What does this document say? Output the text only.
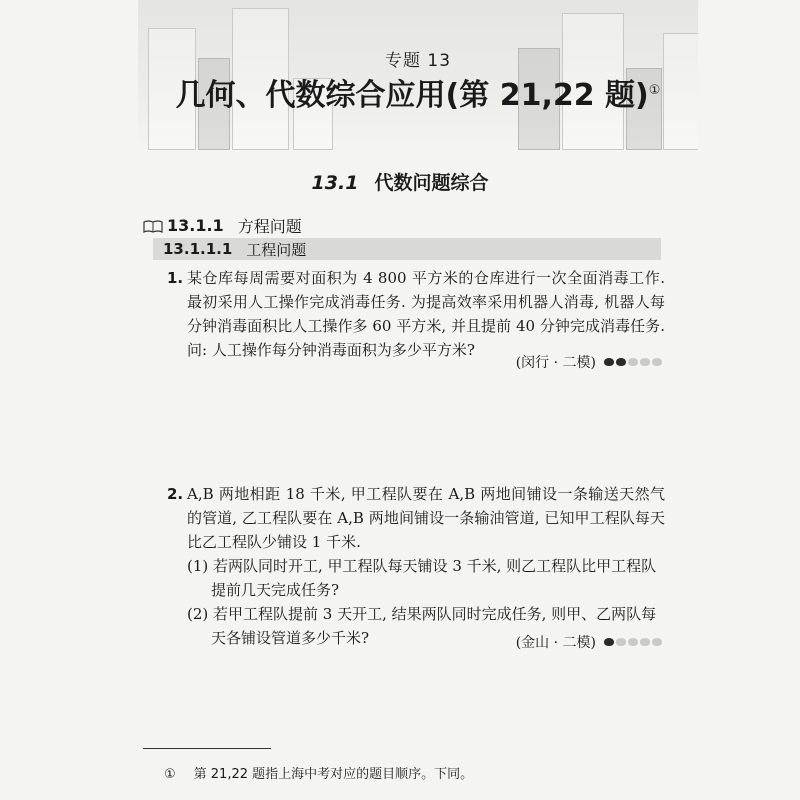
专题 13
几何、代数综合应用(第 21,22 题)①
13.1 代数问题综合
13.1.1 方程问题
13.1.1.1 工程问题
1. 某仓库每周需要对面积为 4 800 平方米的仓库进行一次全面消毒工作. 最初采用人工操作完成消毒任务. 为提高效率采用机器人消毒, 机器人每分钟消毒面积比人工操作多 60 平方米, 并且提前 40 分钟完成消毒任务. 问: 人工操作每分钟消毒面积为多少平方米?
(闵行 · 二模)
2. A,B 两地相距 18 千米, 甲工程队要在 A,B 两地间铺设一条输送天然气的管道, 乙工程队要在 A,B 两地间铺设一条输油管道, 已知甲工程队每天比乙工程队少铺设 1 千米.
(1) 若两队同时开工, 甲工程队每天铺设 3 千米, 则乙工程队比甲工程队提前几天完成任务?
(2) 若甲工程队提前 3 天开工, 结果两队同时完成任务, 则甲、乙两队每天各铺设管道多少千米?	(金山 · 二模)
① 第 21,22 题指上海中考对应的题目顺序。下同。
